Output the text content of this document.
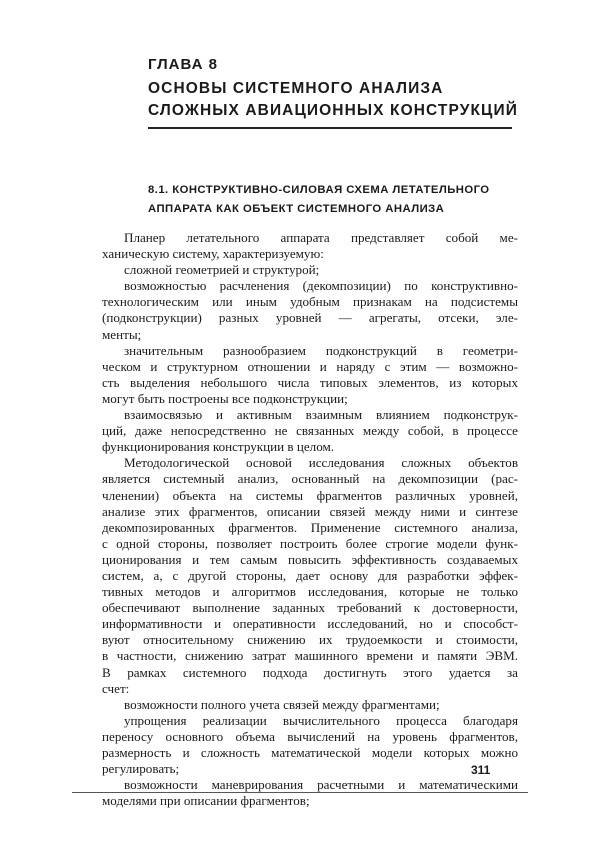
ГЛАВА 8
ОСНОВЫ СИСТЕМНОГО АНАЛИЗА
СЛОЖНЫХ АВИАЦИОННЫХ КОНСТРУКЦИЙ
8.1. КОНСТРУКТИВНО-СИЛОВАЯ СХЕМА ЛЕТАТЕЛЬНОГО
АППАРАТА КАК ОБЪЕКТ СИСТЕМНОГО АНАЛИЗА
Планер летательного аппарата представляет собой ме-
ханическую систему, характеризуемую:
сложной геометрией и структурой;
возможностью расчленения (декомпозиции) по конструктивно-
технологическим или иным удобным признакам на подсистемы
(подконструкции) разных уровней — агрегаты, отсеки, эле-
менты;
значительным разнообразием подконструкций в геометри-
ческом и структурном отношении и наряду с этим — возможно-
сть выделения небольшого числа типовых элементов, из которых
могут быть построены все подконструкции;
взаимосвязью и активным взаимным влиянием подконструк-
ций, даже непосредственно не связанных между собой, в процессе
функционирования конструкции в целом.
Методологической основой исследования сложных объектов
является системный анализ, основанный на декомпозиции (рас-
членении) объекта на системы фрагментов различных уровней,
анализе этих фрагментов, описании связей между ними и синтезе
декомпозированных фрагментов. Применение системного анализа,
с одной стороны, позволяет построить более строгие модели функ-
ционирования и тем самым повысить эффективность создаваемых
систем, а, с другой стороны, дает основу для разработки эффек-
тивных методов и алгоритмов исследования, которые не только
обеспечивают выполнение заданных требований к достоверности,
информативности и оперативности исследований, но и способст-
вуют относительному снижению их трудоемкости и стоимости,
в частности, снижению затрат машинного времени и памяти ЭВМ.
В рамках системного подхода достигнуть этого удается за
счет:
возможности полного учета связей между фрагментами;
упрощения реализации вычислительного процесса благодаря
переносу основного объема вычислений на уровень фрагментов,
размерность и сложность математической модели которых можно
регулировать;
возможности маневрирования расчетными и математическими
моделями при описании фрагментов;
311
